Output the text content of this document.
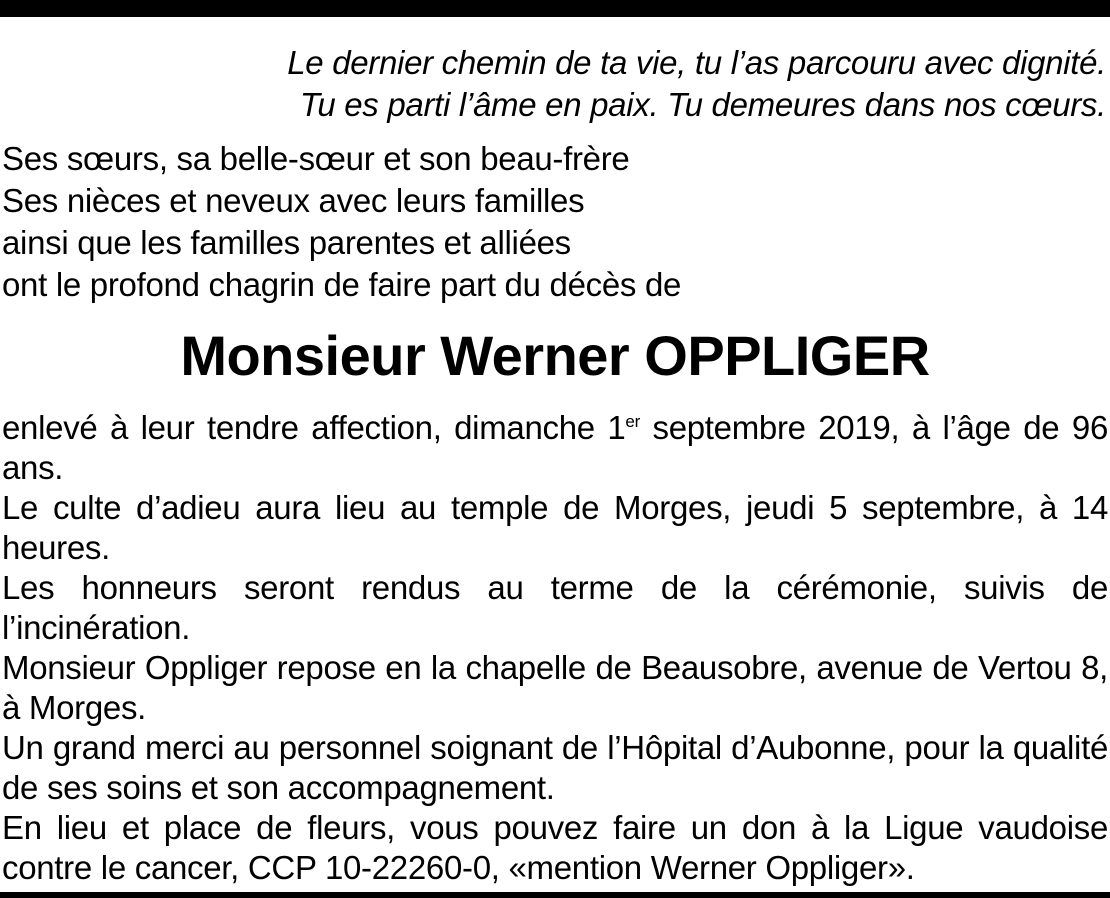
Le dernier chemin de ta vie, tu l’as parcouru avec dignité.
Tu es parti l’âme en paix. Tu demeures dans nos cœurs.
Ses sœurs, sa belle-sœur et son beau-frère
Ses nièces et neveux avec leurs familles
ainsi que les familles parentes et alliées
ont le profond chagrin de faire part du décès de
Monsieur Werner OPPLIGER
enlevé à leur tendre affection, dimanche 1er septembre 2019, à l’âge de 96 ans.
Le culte d’adieu aura lieu au temple de Morges, jeudi 5 septembre, à 14 heures.
Les honneurs seront rendus au terme de la cérémonie, suivis de l’incinération.
Monsieur Oppliger repose en la chapelle de Beausobre, avenue de Vertou 8, à Morges.
Un grand merci au personnel soignant de l’Hôpital d’Aubonne, pour la qualité de ses soins et son accompagnement.
En lieu et place de fleurs, vous pouvez faire un don à la Ligue vaudoise contre le cancer, CCP 10-22260-0, «mention Werner Oppliger».
